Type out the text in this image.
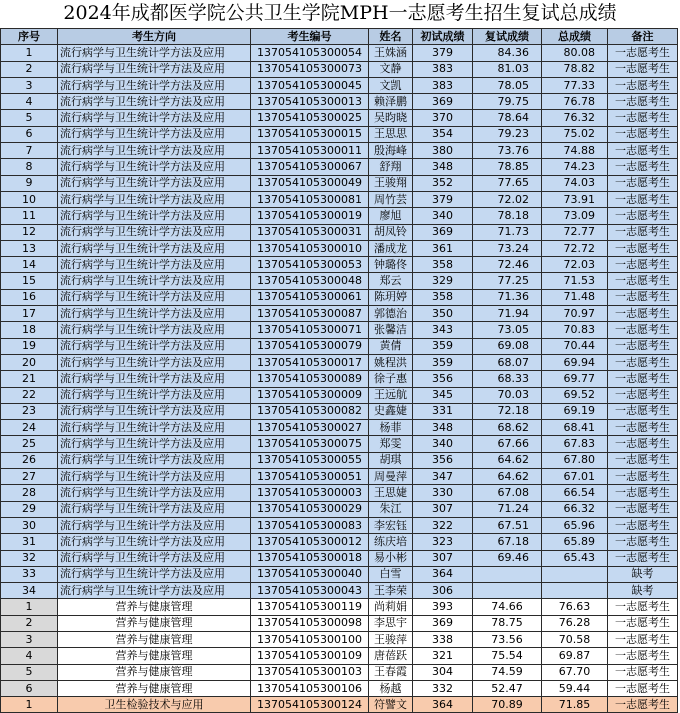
2024年成都医学院公共卫生学院MPH一志愿考生招生复试总成绩
序号	考生方向	考生编号	姓名	初试成绩	复试成绩	总成绩	备注
1	流行病学与卫生统计学方法及应用	137054105300054	王姝涵	379	84.36	80.08	一志愿考生
2	流行病学与卫生统计学方法及应用	137054105300073	文静	383	81.03	78.82	一志愿考生
3	流行病学与卫生统计学方法及应用	137054105300045	文凯	383	78.05	77.33	一志愿考生
4	流行病学与卫生统计学方法及应用	137054105300013	赖泽鹏	369	79.75	76.78	一志愿考生
5	流行病学与卫生统计学方法及应用	137054105300025	吴昀晓	370	78.64	76.32	一志愿考生
6	流行病学与卫生统计学方法及应用	137054105300015	王思思	354	79.23	75.02	一志愿考生
7	流行病学与卫生统计学方法及应用	137054105300011	殷海峰	380	73.76	74.88	一志愿考生
8	流行病学与卫生统计学方法及应用	137054105300067	舒翔	348	78.85	74.23	一志愿考生
9	流行病学与卫生统计学方法及应用	137054105300049	王骏翔	352	77.65	74.03	一志愿考生
10	流行病学与卫生统计学方法及应用	137054105300081	周竹芸	379	72.02	73.91	一志愿考生
11	流行病学与卫生统计学方法及应用	137054105300019	廖旭	340	78.18	73.09	一志愿考生
12	流行病学与卫生统计学方法及应用	137054105300031	胡凤铃	369	71.73	72.77	一志愿考生
13	流行病学与卫生统计学方法及应用	137054105300010	潘成龙	361	73.24	72.72	一志愿考生
14	流行病学与卫生统计学方法及应用	137054105300053	钟璐佟	358	72.46	72.03	一志愿考生
15	流行病学与卫生统计学方法及应用	137054105300048	郑云	329	77.25	71.53	一志愿考生
16	流行病学与卫生统计学方法及应用	137054105300061	陈玥婷	358	71.36	71.48	一志愿考生
17	流行病学与卫生统计学方法及应用	137054105300087	郭德治	350	71.94	70.97	一志愿考生
18	流行病学与卫生统计学方法及应用	137054105300071	张馨洁	343	73.05	70.83	一志愿考生
19	流行病学与卫生统计学方法及应用	137054105300079	黄倩	359	69.08	70.44	一志愿考生
20	流行病学与卫生统计学方法及应用	137054105300017	姚程洪	359	68.07	69.94	一志愿考生
21	流行病学与卫生统计学方法及应用	137054105300089	徐子惠	356	68.33	69.77	一志愿考生
22	流行病学与卫生统计学方法及应用	137054105300009	王远航	345	70.03	69.52	一志愿考生
23	流行病学与卫生统计学方法及应用	137054105300082	史鑫婕	331	72.18	69.19	一志愿考生
24	流行病学与卫生统计学方法及应用	137054105300027	杨菲	348	68.62	68.41	一志愿考生
25	流行病学与卫生统计学方法及应用	137054105300075	郑雯	340	67.66	67.83	一志愿考生
26	流行病学与卫生统计学方法及应用	137054105300055	胡琪	356	64.62	67.80	一志愿考生
27	流行病学与卫生统计学方法及应用	137054105300051	周曼萍	347	64.62	67.01	一志愿考生
28	流行病学与卫生统计学方法及应用	137054105300003	王思婕	330	67.08	66.54	一志愿考生
29	流行病学与卫生统计学方法及应用	137054105300029	朱江	307	71.24	66.32	一志愿考生
30	流行病学与卫生统计学方法及应用	137054105300083	李宏钰	322	67.51	65.96	一志愿考生
31	流行病学与卫生统计学方法及应用	137054105300012	练庆培	323	67.18	65.89	一志愿考生
32	流行病学与卫生统计学方法及应用	137054105300018	易小彬	307	69.46	65.43	一志愿考生
33	流行病学与卫生统计学方法及应用	137054105300040	白雪	364			缺考
34	流行病学与卫生统计学方法及应用	137054105300043	王李荣	306			缺考
1	营养与健康管理	137054105300119	尚莉娟	393	74.66	76.63	一志愿考生
2	营养与健康管理	137054105300098	李思宇	369	78.75	76.28	一志愿考生
3	营养与健康管理	137054105300100	王骏萍	338	73.56	70.58	一志愿考生
4	营养与健康管理	137054105300109	唐蓓跃	321	75.54	69.87	一志愿考生
5	营养与健康管理	137054105300103	王春霞	304	74.59	67.70	一志愿考生
6	营养与健康管理	137054105300106	杨越	332	52.47	59.44	一志愿考生
1	卫生检验技术与应用	137054105300124	符譬文	364	70.89	71.85	一志愿考生
